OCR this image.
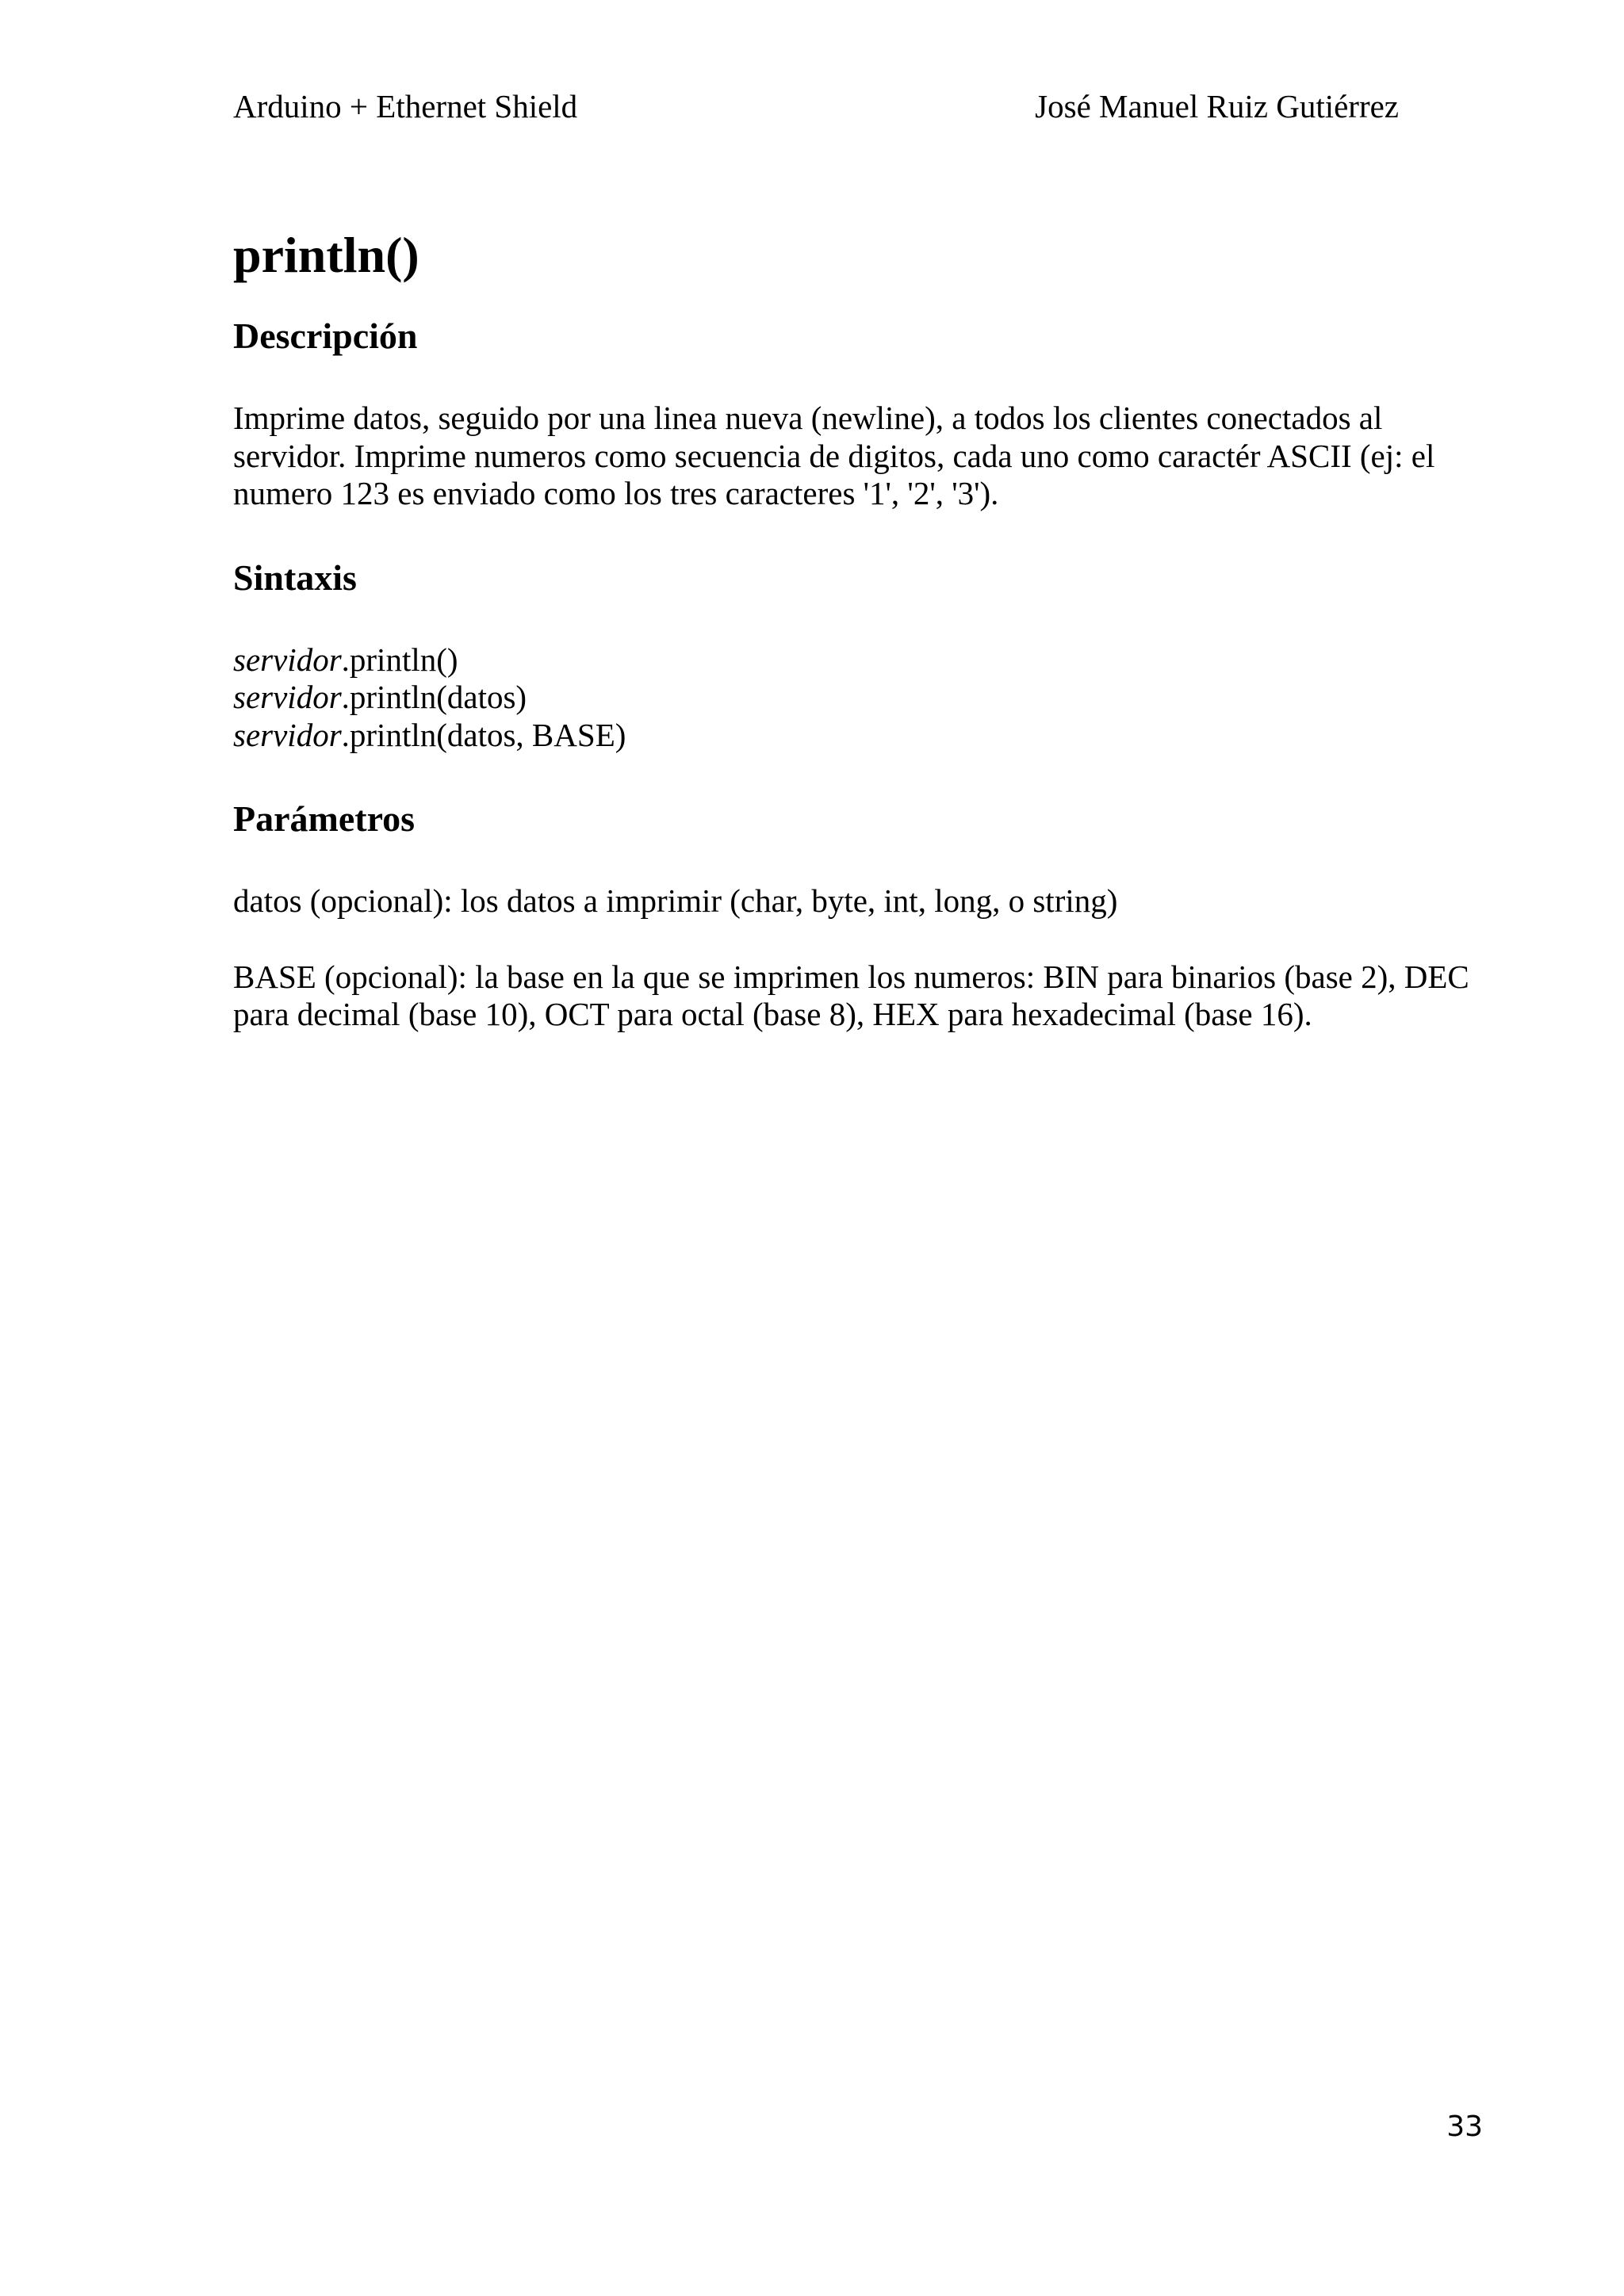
Arduino + Ethernet Shield	José Manuel Ruiz Gutiérrez
println()
Descripción

Imprime datos, seguido por una linea nueva (newline), a todos los clientes conectados al servidor. Imprime numeros como secuencia de digitos, cada uno como caractér ASCII (ej: el numero 123 es enviado como los tres caracteres '1', '2', '3').

Sintaxis
servidor.println()
servidor.println(datos)
servidor.println(datos, BASE)
Parámetros

datos (opcional): los datos a imprimir (char, byte, int, long, o string)

BASE (opcional): la base en la que se imprimen los numeros: BIN para binarios (base 2), DEC para decimal (base 10), OCT para octal (base 8), HEX para hexadecimal (base 16).

33
